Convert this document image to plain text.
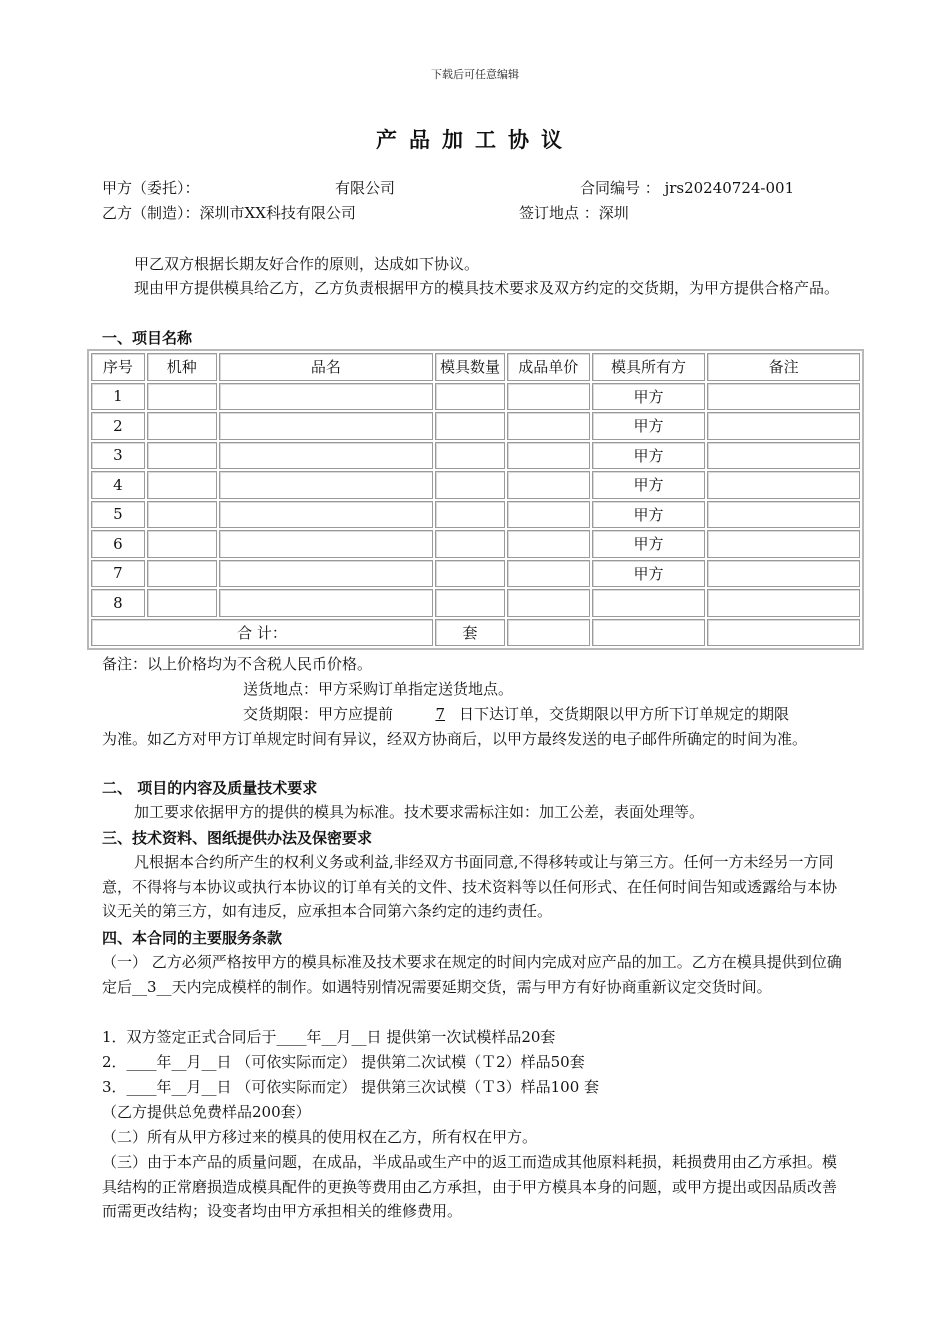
下载后可任意编辑
产品加工协议
甲方（委托）：	有限公司	合同编号 ： jrs20240724-001
乙方（制造）：深圳市XX科技有限公司	签订地点 ：深圳
甲乙双方根据长期友好合作的原则，达成如下协议。
现由甲方提供模具给乙方，乙方负责根据甲方的模具技术要求及双方约定的交货期，为甲方提供合格产品。
一、项目名称
序号	机种	品名	模具数量	成品单价	模具所有方	备注
1					甲方	
2					甲方	
3					甲方	
4					甲方	
5					甲方	
6					甲方	
7					甲方	
8						
合 计：			套			
备注：以上价格均为不含税人民币价格。
送货地点：甲方采购订单指定送货地点。
交货期限：甲方应提前	7 日下达订单，交货期限以甲方所下订单规定的期限
为准。如乙方对甲方订单规定时间有异议，经双方协商后，以甲方最终发送的电子邮件所确定的时间为准。
二、 项目的内容及质量技术要求
加工要求依据甲方的提供的模具为标准。技术要求需标注如：加工公差，表面处理等。
三、技术资料、图纸提供办法及保密要求
凡根据本合约所产生的权利义务或利益,非经双方书面同意,不得移转或让与第三方。任何一方未经另一方同意，不得将与本协议或执行本协议的订单有关的文件、技术资料等以任何形式、在任何时间告知或透露给与本协议无关的第三方，如有违反，应承担本合同第六条约定的违约责任。
四、本合同的主要服务条款
（一） 乙方必须严格按甲方的模具标准及技术要求在规定的时间内完成对应产品的加工。乙方在模具提供到位确定后__3__天内完成模样的制作。如遇特别情况需要延期交货，需与甲方有好协商重新议定交货时间。
1．双方签定正式合同后于____年__月__日 提供第一次试模样品20套
2．____年__月__日 （可依实际而定） 提供第二次试模（Ｔ2）样品50套
3．____年__月__日 （可依实际而定） 提供第三次试模（Ｔ3）样品100 套
（乙方提供总免费样品200套）
（二）所有从甲方移过来的模具的使用权在乙方，所有权在甲方。
（三）由于本产品的质量问题，在成品，半成品或生产中的返工而造成其他原料耗损，耗损费用由乙方承担。模具结构的正常磨损造成模具配件的更换等费用由乙方承担，由于甲方模具本身的问题，或甲方提出或因品质改善而需更改结构；设变者均由甲方承担相关的维修费用。
